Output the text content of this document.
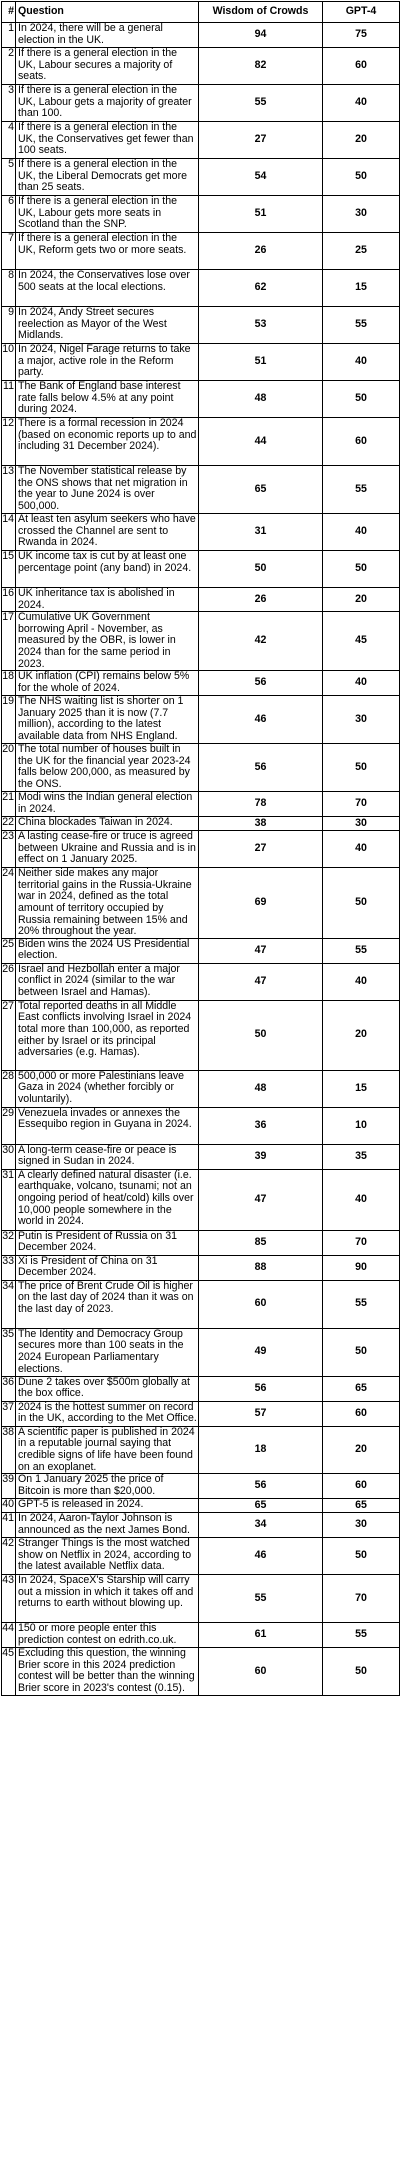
#	Question	Wisdom of Crowds	GPT-4
1	In 2024, there will be a general election in the UK.	94	75
2	If there is a general election in the UK, Labour secures a majority of seats.	82	60
3	If there is a general election in the UK, Labour gets a majority of greater than 100.	55	40
4	If there is a general election in the UK, the Conservatives get fewer than 100 seats.	27	20
5	If there is a general election in the UK, the Liberal Democrats get more than 25 seats.	54	50
6	If there is a general election in the UK, Labour gets more seats in Scotland than the SNP.	51	30
7	If there is a general election in the UK, Reform gets two or more seats.	26	25
8	In 2024, the Conservatives lose over 500 seats at the local elections.	62	15
9	In 2024, Andy Street secures reelection as Mayor of the West Midlands.	53	55
10	In 2024, Nigel Farage returns to take a major, active role in the Reform party.	51	40
11	The Bank of England base interest rate falls below 4.5% at any point during 2024.	48	50
12	There is a formal recession in 2024 (based on economic reports up to and including 31 December 2024).	44	60
13	The November statistical release by the ONS shows that net migration in the year to June 2024 is over 500,000.	65	55
14	At least ten asylum seekers who have crossed the Channel are sent to Rwanda in 2024.	31	40
15	UK income tax is cut by at least one percentage point (any band) in 2024.	50	50
16	UK inheritance tax is abolished in 2024.	26	20
17	Cumulative UK Government borrowing April - November, as measured by the OBR, is lower in 2024 than for the same period in 2023.	42	45
18	UK inflation (CPI) remains below 5% for the whole of 2024.	56	40
19	The NHS waiting list is shorter on 1 January 2025 than it is now (7.7 million), according to the latest available data from NHS England.	46	30
20	The total number of houses built in the UK for the financial year 2023-24 falls below 200,000, as measured by the ONS.	56	50
21	Modi wins the Indian general election in 2024.	78	70
22	China blockades Taiwan in 2024.	38	30
23	A lasting cease-fire or truce is agreed between Ukraine and Russia and is in effect on 1 January 2025.	27	40
24	Neither side makes any major territorial gains in the Russia-Ukraine war in 2024, defined as the total amount of territory occupied by Russia remaining between 15% and 20% throughout the year.	69	50
25	Biden wins the 2024 US Presidential election.	47	55
26	Israel and Hezbollah enter a major conflict in 2024 (similar to the war between Israel and Hamas).	47	40
27	Total reported deaths in all Middle East conflicts involving Israel in 2024 total more than 100,000, as reported either by Israel or its principal adversaries (e.g. Hamas).	50	20
28	500,000 or more Palestinians leave Gaza in 2024 (whether forcibly or voluntarily).	48	15
29	Venezuela invades or annexes the Essequibo region in Guyana in 2024.	36	10
30	A long-term cease-fire or peace is signed in Sudan in 2024.	39	35
31	A clearly defined natural disaster (i.e. earthquake, volcano, tsunami; not an ongoing period of heat/cold) kills over 10,000 people somewhere in the world in 2024.	47	40
32	Putin is President of Russia on 31 December 2024.	85	70
33	Xi is President of China on 31 December 2024.	88	90
34	The price of Brent Crude Oil is higher on the last day of 2024 than it was on the last day of 2023.	60	55
35	The Identity and Democracy Group secures more than 100 seats in the 2024 European Parliamentary elections.	49	50
36	Dune 2 takes over $500m globally at the box office.	56	65
37	2024 is the hottest summer on record in the UK, according to the Met Office.	57	60
38	A scientific paper is published in 2024 in a reputable journal saying that credible signs of life have been found on an exoplanet.	18	20
39	On 1 January 2025 the price of Bitcoin is more than $20,000.	56	60
40	GPT-5 is released in 2024.	65	65
41	In 2024, Aaron-Taylor Johnson is announced as the next James Bond.	34	30
42	Stranger Things is the most watched show on Netflix in 2024, according to the latest available Netflix data.	46	50
43	In 2024, SpaceX's Starship will carry out a mission in which it takes off and returns to earth without blowing up.	55	70
44	150 or more people enter this prediction contest on edrith.co.uk.	61	55
45	Excluding this question, the winning Brier score in this 2024 prediction contest will be better than the winning Brier score in 2023's contest (0.15).	60	50
